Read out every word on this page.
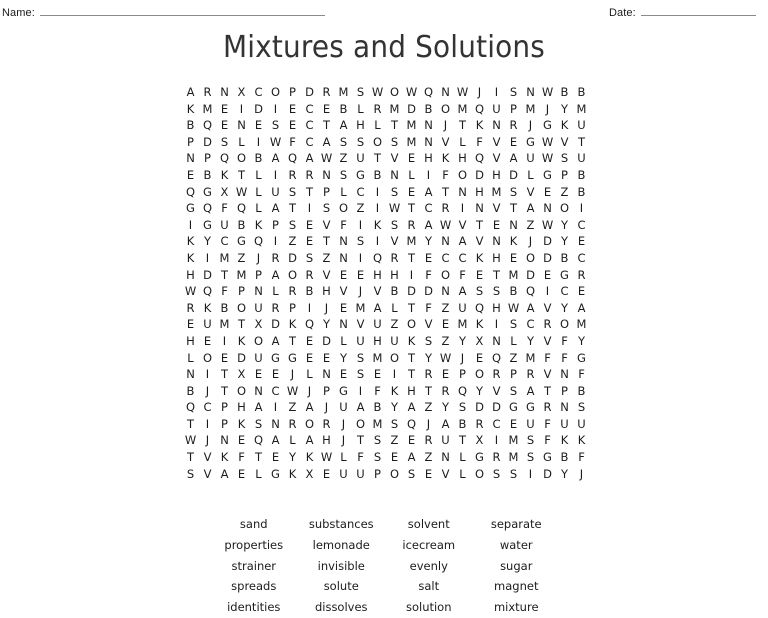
Name:	Date:
Mixtures and Solutions
A R N X C O P D R M S W O W Q N W J	I	S N W B B
K M E	I D I	E C E B L R M D B O M Q U P M J	Y M
B Q E N E S E C T A H L T M N J	T K N R J G K U
P D S L	I W F C A S S O S M N V L F V E G W V T
N P Q O B A Q A W Z U T V E H K H Q V A U W S U
E B K T L	I R R N S G B N L	I	F O D H D L G P B
Q G X W L U S T P L C I	S E A T N H M S V E Z B
G Q F Q L A T	I	S O Z I W T C R I N V T A N O I
I G U B K P S E V F	I	K S R A W V T E N Z W Y C
K Y C G Q I Z E T N S	I V M Y N A V N K	J D Y E
K	I M Z J R D S Z N I Q R T E C C K H E O D B C
H D T M P A O R V E E H H I	F O F E T M D E G R
W Q F P N L R B H V J V B D D N A S S B Q I C E
R K B O U R P	I	J	E M A L T F Z U Q H W A V Y A
E U M T X D K Q Y N V U Z O V E M K	I	S C R O M
H E	I	K O A T E D L U H U K S Z Y X N L Y V F Y
L O E D U G G E E Y S M O T Y W J	E Q Z M F F G
N I	T X E E	J	L N E S E	I	T R E P O R P R V N F
B J	T O N C W J	P G I	F K H T R Q Y V S A T P B
Q C P H A I Z A J U A B Y A Z Y S D D G G R N S
T	I	P K S N R O R J O M S Q J A B R C E U F U U
W J N E Q A L A H J	T S Z E R U T X I M S F K K
T V K F T E Y K W L F S E A Z N L G R M S G B F
S V A E L G K X E U U P O S E V L O S S	I D Y	J
sand	substances	solvent	separate
properties	lemonade	icecream	water
strainer	invisible	evenly	sugar
spreads	solute	salt	magnet
identities	dissolves	solution	mixture
